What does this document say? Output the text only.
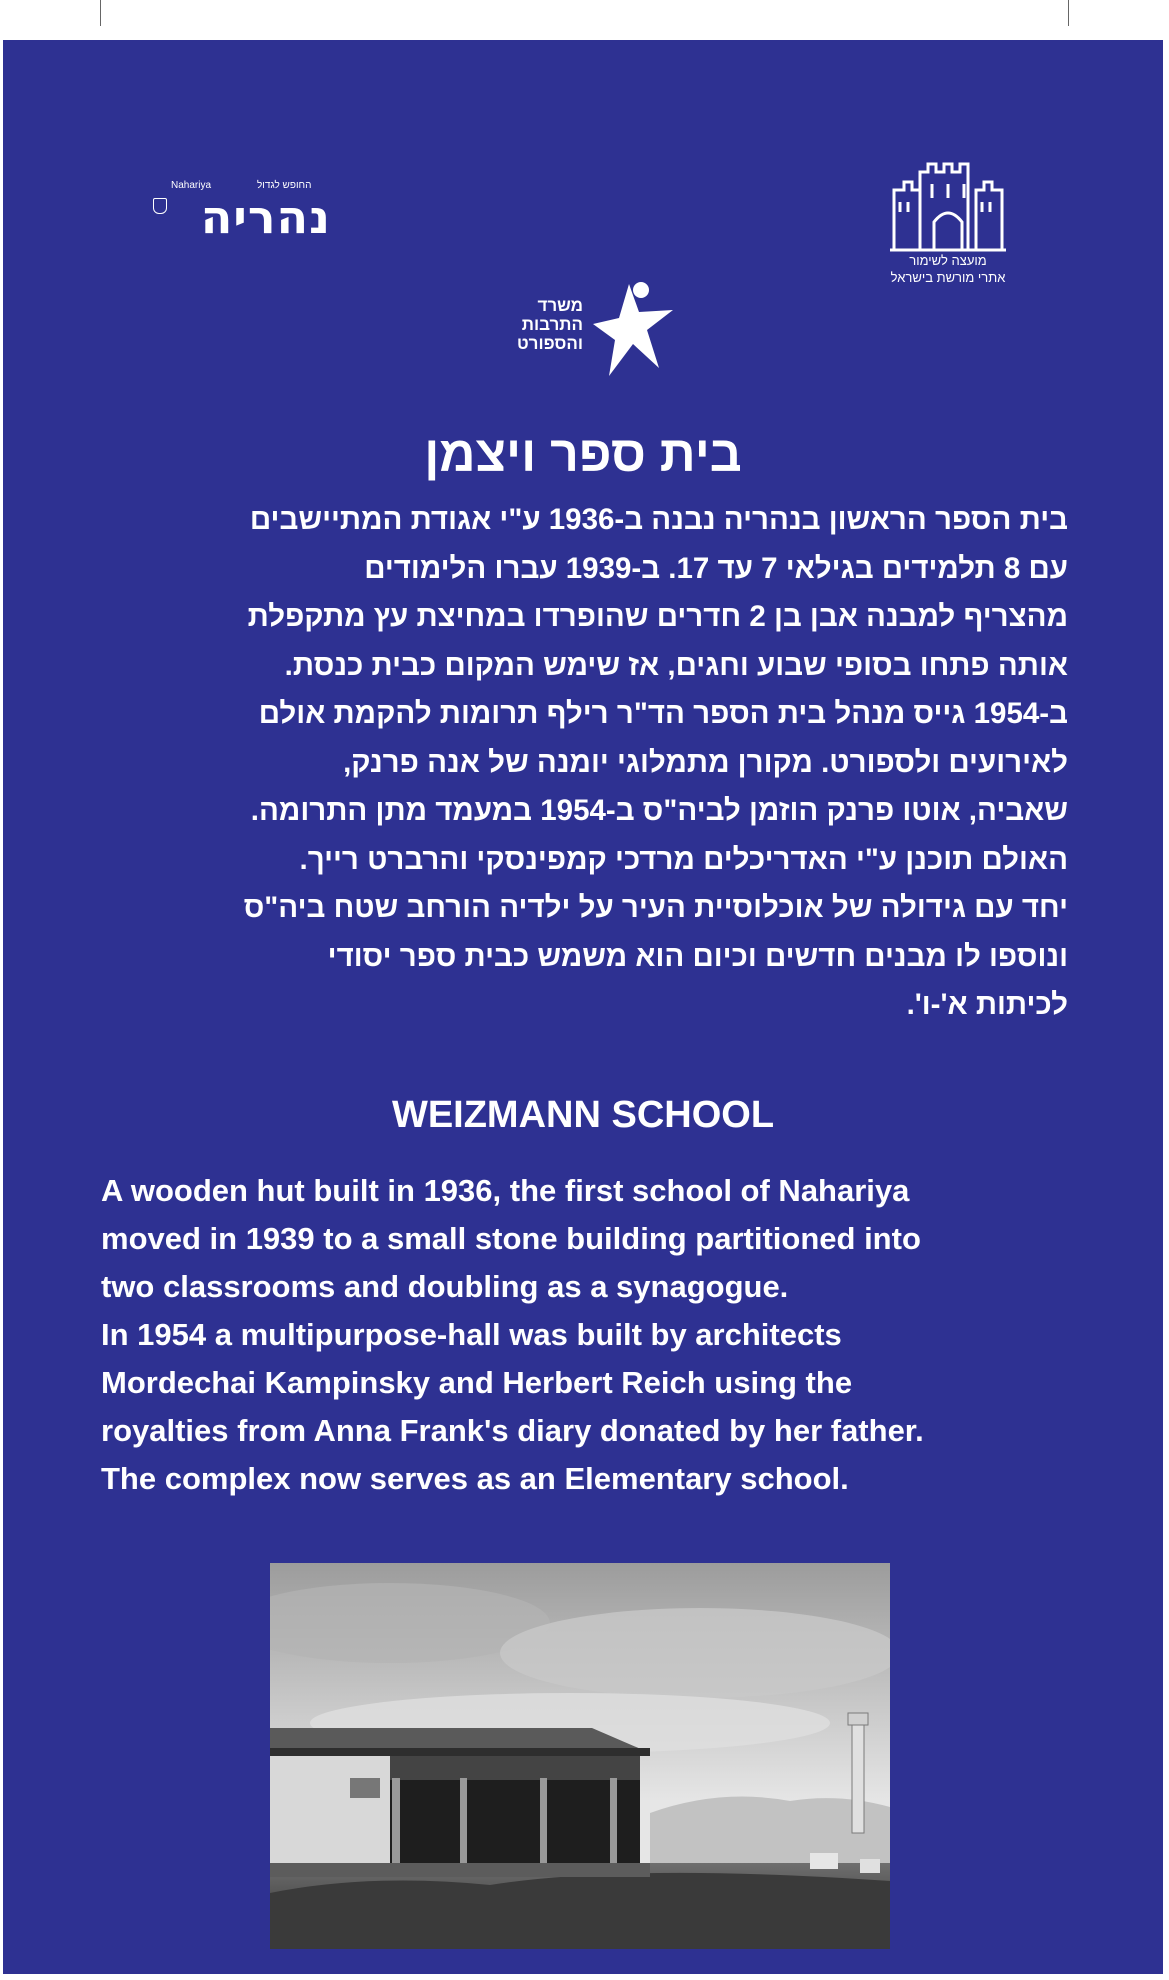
Nahariya	החופש לגדול
נהריה
מועצה לשימור
אתרי מורשת בישראל
משרד
התרבות
והספורט
בית ספר ויצמן
בית הספר הראשון בנהריה נבנה ב-1936 ע"י אגודת המתיישבים
עם 8 תלמידים בגילאי 7 עד 17. ב-1939 עברו הלימודים
מהצריף למבנה אבן בן 2 חדרים שהופרדו במחיצת עץ מתקפלת
אותה פתחו בסופי שבוע וחגים, אז שימש המקום כבית כנסת.
ב-1954 גייס מנהל בית הספר הד"ר רילף תרומות להקמת אולם
לאירועים ולספורט. מקורן מתמלוגי יומנה של אנה פרנק,
שאביה, אוטו פרנק הוזמן לביה"ס ב-1954 במעמד מתן התרומה.
האולם תוכנן ע"י האדריכלים מרדכי קמפינסקי והרברט רייך.
יחד עם גידולה של אוכלוסיית העיר על ילדיה הורחב שטח ביה"ס
ונוספו לו מבנים חדשים וכיום הוא משמש כבית ספר יסודי
לכיתות א'-ו'.
WEIZMANN SCHOOL
A wooden hut built in 1936, the first school of Nahariya
moved in 1939 to a small stone building partitioned into
two classrooms and doubling as a synagogue.
In 1954 a multipurpose-hall was built by architects
Mordechai Kampinsky and Herbert Reich using the
royalties from Anna Frank's diary donated by her father.
The complex now serves as an Elementary school.
